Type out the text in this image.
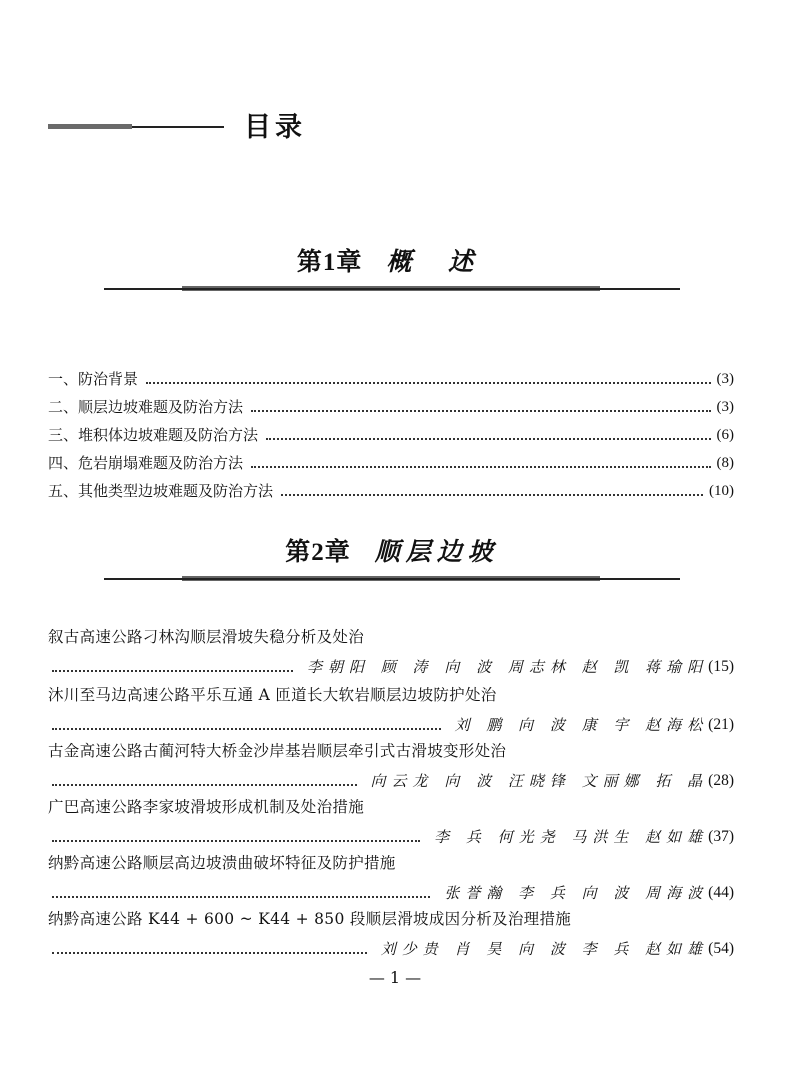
目录
第1章 概 述
一、防治背景	(3)
二、顺层边坡难题及防治方法	(3)
三、堆积体边坡难题及防治方法	(6)
四、危岩崩塌难题及防治方法	(8)
五、其他类型边坡难题及防治方法	(10)
第2章 顺层边坡
叙古高速公路刁林沟顺层滑坡失稳分析及处治
李朝阳 顾 涛 向 波 周志林 赵 凯 蒋瑜阳 (15)
沐川至马边高速公路平乐互通 A 匝道长大软岩顺层边坡防护处治
刘 鹏 向 波 康 宇 赵海松 (21)
古金高速公路古蔺河特大桥金沙岸基岩顺层牵引式古滑坡变形处治
向云龙 向 波 汪晓锋 文丽娜 拓 晶 (28)
广巴高速公路李家坡滑坡形成机制及处治措施
李 兵 何光尧 马洪生 赵如雄 (37)
纳黔高速公路顺层高边坡溃曲破坏特征及防护措施
张誉瀚 李 兵 向 波 周海波 (44)
纳黔高速公路 K44 + 600 ~ K44 + 850 段顺层滑坡成因分析及治理措施
刘少贵 肖 昊 向 波 李 兵 赵如雄 (54)
— 1 —
